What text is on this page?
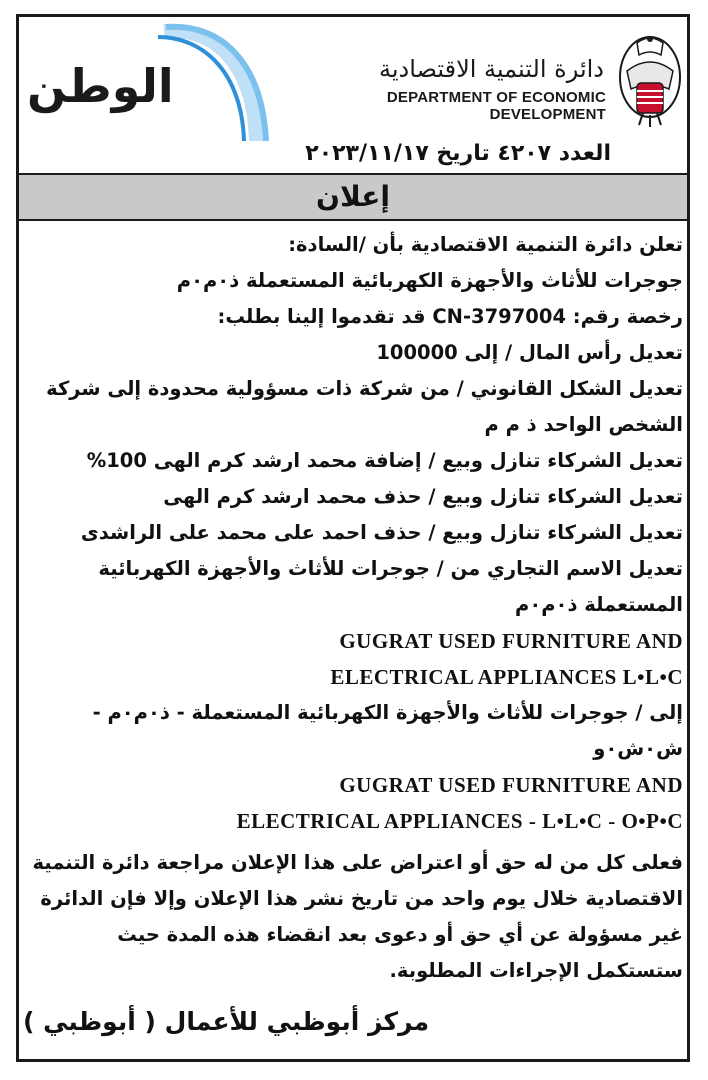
الوطن	دائرة التنمية الاقتصادية
DEPARTMENT OF ECONOMIC DEVELOPMENT
العدد ٤٢٠٧ تاريخ ٢٠٢٣/١١/١٧
إعلان

تعلن دائرة التنمية الاقتصادية بأن /السادة:

جوجرات للأثاث والأجهزة الكهربائية المستعملة ذ٠م٠م

رخصة رقم: CN-3797004 قد تقدموا إلينا بطلب:

تعديل رأس المال / إلى 100000

تعديل الشكل القانوني / من شركة ذات مسؤولية محدودة إلى شركة الشخص الواحد ذ م م

تعديل الشركاء تنازل وبيع / إضافة محمد ارشد كرم الهى 100%

تعديل الشركاء تنازل وبيع / حذف محمد ارشد كرم الهى

تعديل الشركاء تنازل وبيع / حذف احمد على محمد على الراشدى

تعديل الاسم التجاري من / جوجرات للأثاث والأجهزة الكهربائية المستعملة ذ٠م٠م

GUGRAT USED FURNITURE AND

ELECTRICAL APPLIANCES L•L•C

إلى / جوجرات للأثاث والأجهزة الكهربائية المستعملة - ذ٠م٠م - ش٠ش٠و

GUGRAT USED FURNITURE AND

ELECTRICAL APPLIANCES - L•L•C - O•P•C

فعلى كل من له حق أو اعتراض على هذا الإعلان مراجعة دائرة التنمية الاقتصادية خلال يوم واحد من تاريخ نشر هذا الإعلان وإلا فإن الدائرة غير مسؤولة عن أي حق أو دعوى بعد انقضاء هذه المدة حيث ستستكمل الإجراءات المطلوبة.

مركز أبوظبي للأعمال ( أبوظبي )
